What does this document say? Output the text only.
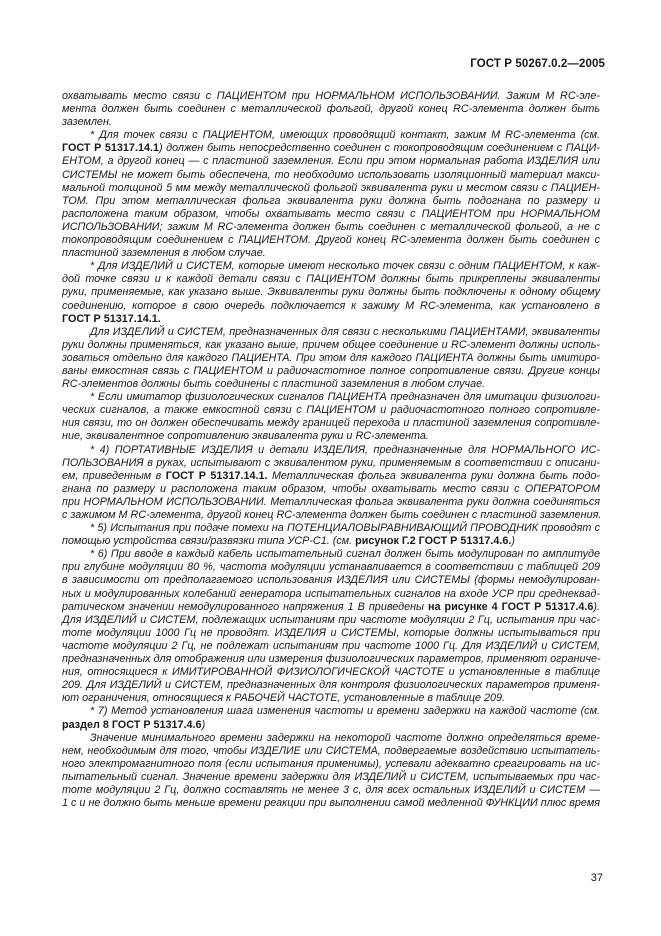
ГОСТ Р 50267.0.2—2005
охватывать место связи с ПАЦИЕНТОМ при НОРМАЛЬНОМ ИСПОЛЬЗОВАНИИ. Зажим М RC-эле-
мента должен быть соединен с металлической фольгой, другой конец RC-элемента должен быть
заземлен.
* Для точек связи с ПАЦИЕНТОМ, имеющих проводящий контакт, зажим М RC-элемента (см.
ГОСТ Р 51317.14.1) должен быть непосредственно соединен с токопроводящим соединением с ПАЦИ-
ЕНТОМ, а другой конец — с пластиной заземления. Если при этом нормальная работа ИЗДЕЛИЯ или
СИСТЕМЫ не может быть обеспечена, то необходимо использовать изоляционный материал макси-
мальной толщиной 5 мм между металлической фольгой эквивалента руки и местом связи с ПАЦИЕН-
ТОМ. При этом металлическая фольга эквивалента руки должна быть подогнана по размеру и
расположена таким образом, чтобы охватывать место связи с ПАЦИЕНТОМ при НОРМАЛЬНОМ
ИСПОЛЬЗОВАНИИ; зажим М RC-элемента должен быть соединен с металлической фольгой, а не с
токопроводящим соединением с ПАЦИЕНТОМ. Другой конец RC-элемента должен быть соединен с
пластиной заземления в любом случае.
* Для ИЗДЕЛИЙ и СИСТЕМ, которые имеют несколько точек связи с одним ПАЦИЕНТОМ, к каж-
дой точке связи и к каждой детали связи с ПАЦИЕНТОМ должны быть прикреплены эквиваленты
руки, применяемые, как указано выше. Эквиваленты руки должны быть подключены к одному общему
соединению, которое в свою очередь подключается к зажиму М RC-элемента, как установлено в
ГОСТ Р 51317.14.1.
Для ИЗДЕЛИЙ и СИСТЕМ, предназначенных для связи с несколькими ПАЦИЕНТАМИ, эквиваленты
руки должны применяться, как указано выше, причем общее соединение и RC-элемент должны исполь-
зоваться отдельно для каждого ПАЦИЕНТА. При этом для каждого ПАЦИЕНТА должны быть имитиро-
ваны емкостная связь с ПАЦИЕНТОМ и радиочастотное полное сопротивление связи. Другие концы
RC-элементов должны быть соединены с пластиной заземления в любом случае.
* Если имитатор физиологических сигналов ПАЦИЕНТА предназначен для имитации физиологи-
ческих сигналов, а также емкостной связи с ПАЦИЕНТОМ и радиочастотного полного сопротивле-
ния связи, то он должен обеспечивать между границей перехода и пластиной заземления сопротивле-
ние, эквивалентное сопротивлению эквивалента руки и RC-элемента.
* 4) ПОРТАТИВНЫЕ ИЗДЕЛИЯ и детали ИЗДЕЛИЯ, предназначенные для НОРМАЛЬНОГО ИС-
ПОЛЬЗОВАНИЯ в руках, испытывают с эквивалентом руки, применяемым в соответствии с описани-
ем, приведенным в ГОСТ Р 51317.14.1. Металлическая фольга эквивалента руки должна быть подо-
гнана по размеру и расположена таким образом, чтобы охватывать место связи с ОПЕРАТОРОМ
при НОРМАЛЬНОМ ИСПОЛЬЗОВАНИИ. Металлическая фольга эквивалента руки должна соединяться
с зажимом М RC-элемента, другой конец RC-элемента должен быть соединен с пластиной заземления.
* 5) Испытания при подаче помехи на ПОТЕНЦИАЛОВЫРАВНИВАЮЩИЙ ПРОВОДНИК проводят с
помощью устройства связи/развязки типа УСР-С1. (см. рисунок Г.2 ГОСТ Р 51317.4.6.)
* 6) При вводе в каждый кабель испытательный сигнал должен быть модулирован по амплитуде
при глубине модуляции 80 %, частота модуляции устанавливается в соответствии с таблицей 209
в зависимости от предполагаемого использования ИЗДЕЛИЯ или СИСТЕМЫ (формы немодулирован-
ных и модулированных колебаний генератора испытательных сигналов на входе УСР при среднеквад-
ратическом значении немодулированного напряжения 1 В приведены на рисунке 4 ГОСТ Р 51317.4.6).
Для ИЗДЕЛИЙ и СИСТЕМ, подлежащих испытаниям при частоте модуляции 2 Гц, испытания при час-
тоте модуляции 1000 Гц не проводят. ИЗДЕЛИЯ и СИСТЕМЫ, которые должны испытываться при
частоте модуляции 2 Гц, не подлежат испытаниям при частоте 1000 Гц. Для ИЗДЕЛИЙ и СИСТЕМ,
предназначенных для отображения или измерения физиологических параметров, применяют ограниче-
ния, относящиеся к ИМИТИРОВАННОЙ ФИЗИОЛОГИЧЕСКОЙ ЧАСТОТЕ и установленные в таблице
209. Для ИЗДЕЛИЙ и СИСТЕМ, предназначенных для контроля физиологических параметров применя-
ют ограничения, относящиеся к РАБОЧЕЙ ЧАСТОТЕ, установленные в таблице 209.
* 7) Метод установления шага изменения частоты и времени задержки на каждой частоте (см.
раздел 8 ГОСТ Р 51317.4.6)
Значение минимального времени задержки на некоторой частоте должно определяться време-
нем, необходимым для того, чтобы ИЗДЕЛИЕ или СИСТЕМА, подвергаемые воздействию испытатель-
ного электромагнитного поля (если испытания применимы), успевали адекватно среагировать на ис-
пытательный сигнал. Значение времени задержки для ИЗДЕЛИЙ и СИСТЕМ, испытываемых при час-
тоте модуляции 2 Гц, должно составлять не менее 3 с, для всех остальных ИЗДЕЛИЙ и СИСТЕМ —
1 с и не должно быть меньше времени реакции при выполнении самой медленной ФУНКЦИИ плюс время
37
